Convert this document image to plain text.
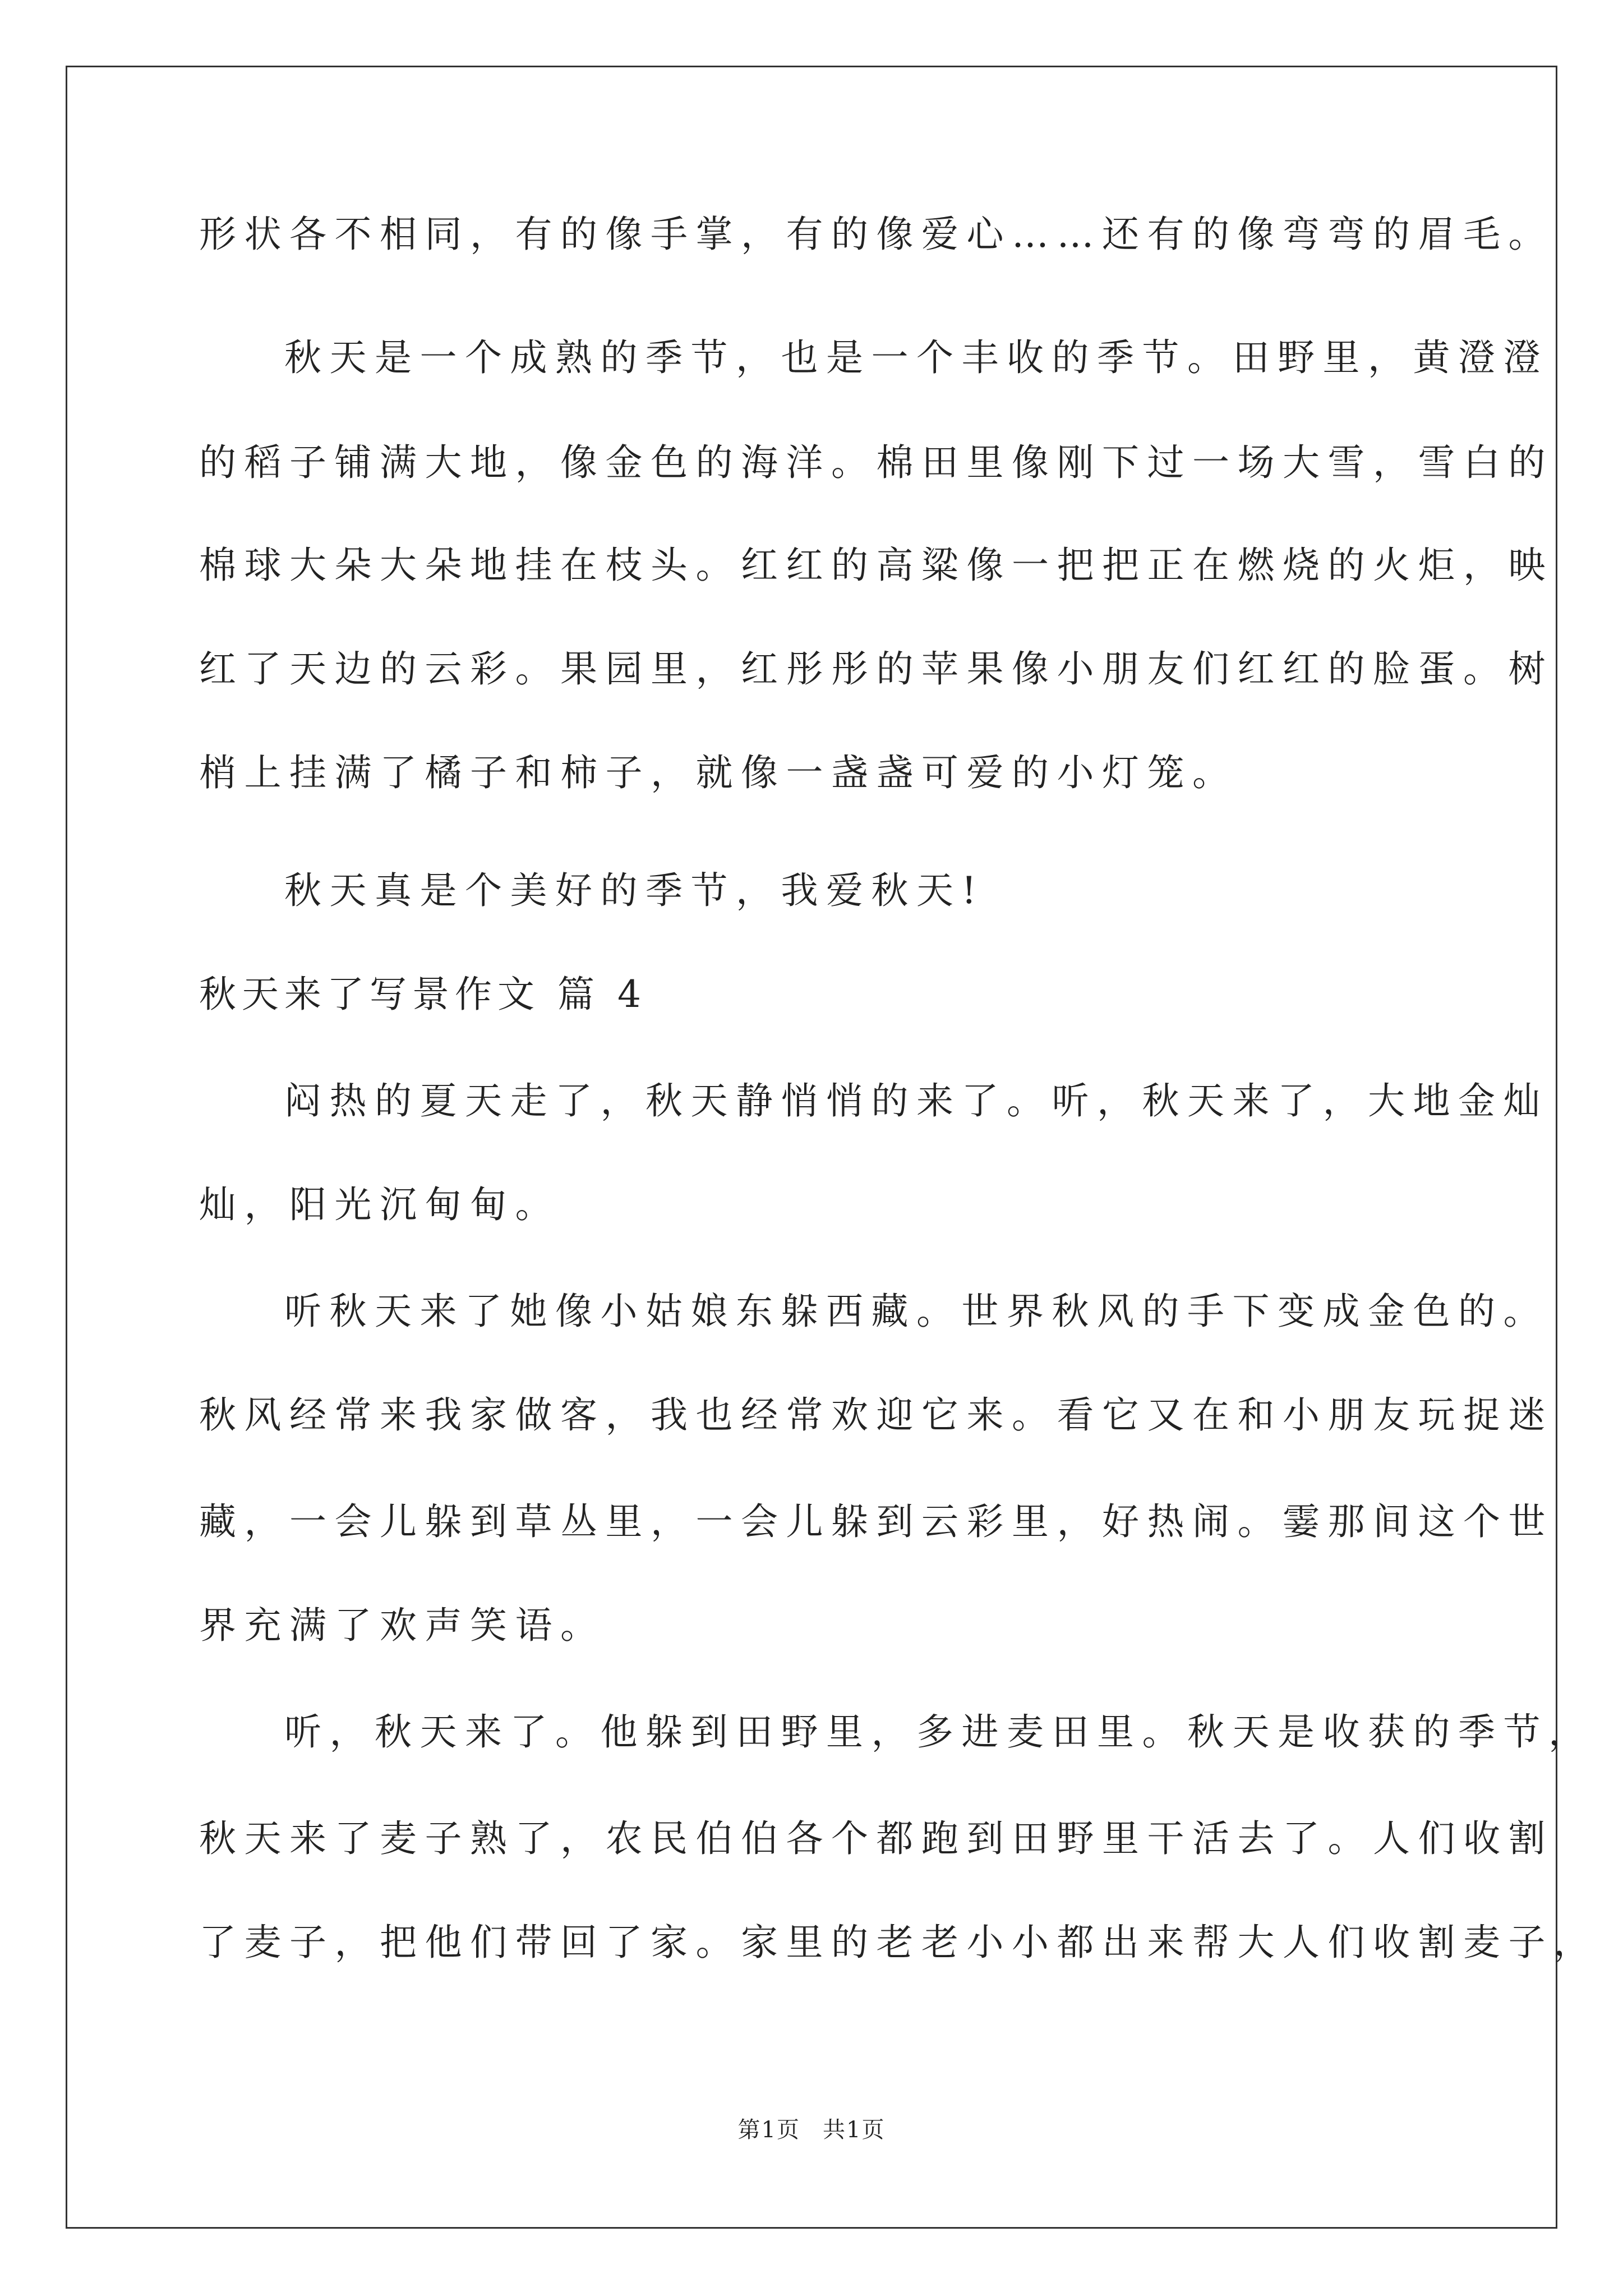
形状各不相同，有的像手掌，有的像爱心……还有的像弯弯的眉毛。
秋天是一个成熟的季节，也是一个丰收的季节。田野里，黄澄澄
的稻子铺满大地，像金色的海洋。棉田里像刚下过一场大雪，雪白的
棉球大朵大朵地挂在枝头。红红的高粱像一把把正在燃烧的火炬，映
红了天边的云彩。果园里，红彤彤的苹果像小朋友们红红的脸蛋。树
梢上挂满了橘子和柿子，就像一盏盏可爱的小灯笼。
秋天真是个美好的季节，我爱秋天!
秋天来了写景作文 篇 4
闷热的夏天走了，秋天静悄悄的来了。听，秋天来了，大地金灿
灿，阳光沉甸甸。
听秋天来了她像小姑娘东躲西藏。世界秋风的手下变成金色的。
秋风经常来我家做客，我也经常欢迎它来。看它又在和小朋友玩捉迷
藏，一会儿躲到草丛里，一会儿躲到云彩里，好热闹。霎那间这个世
界充满了欢声笑语。
听，秋天来了。他躲到田野里，多进麦田里。秋天是收获的季节，
秋天来了麦子熟了，农民伯伯各个都跑到田野里干活去了。人们收割
了麦子，把他们带回了家。家里的老老小小都出来帮大人们收割麦子，
第1页 共1页
